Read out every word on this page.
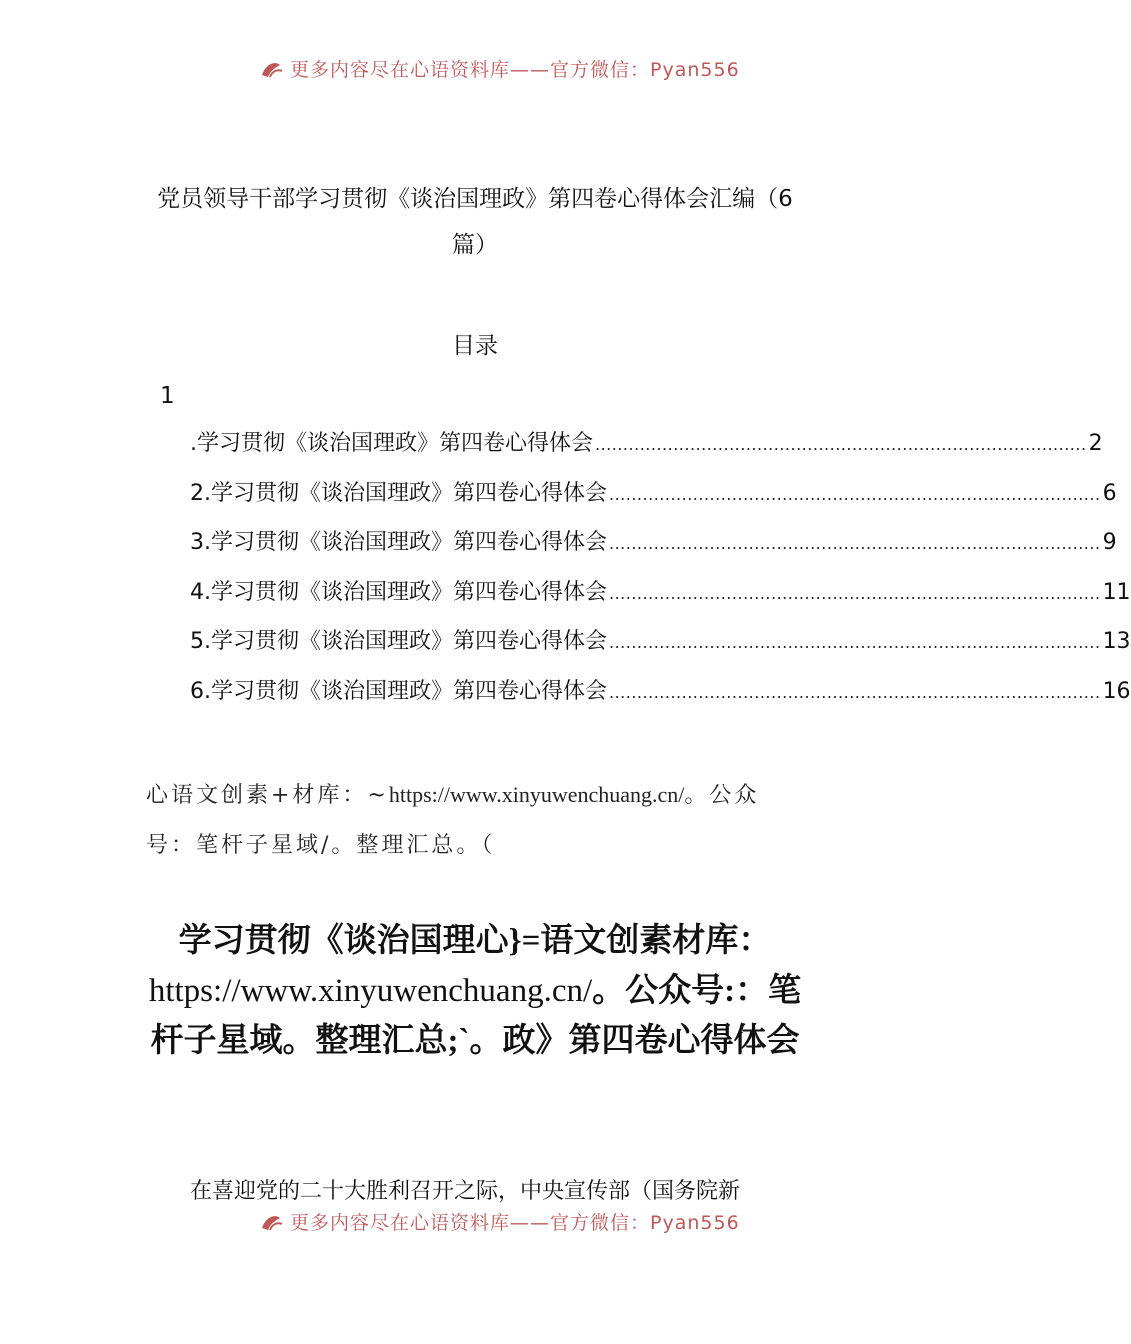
更多内容尽在心语资料库——官方微信：Pyan556
党员领导干部学习贯彻《谈治国理政》第四卷心得体会汇编（6篇）
目录
1
.学习贯彻《谈治国理政》第四卷心得体会 ........................................................................................ 2
2.学习贯彻《谈治国理政》第四卷心得体会 ........................................................................................ 6
3.学习贯彻《谈治国理政》第四卷心得体会 ........................................................................................ 9
4.学习贯彻《谈治国理政》第四卷心得体会 ........................................................................................ 11
5.学习贯彻《谈治国理政》第四卷心得体会 ........................................................................................ 13
6.学习贯彻《谈治国理政》第四卷心得体会 ........................................................................................ 16
心语文创素+材库：~https://www.xinyuwenchuang.cn/。公众号：笔杆子星域/。整理汇总。（
学习贯彻《谈治国理心}=语文创素材库：https://www.xinyuwenchuang.cn/。公众号:：笔杆子星域。整理汇总;`。政》第四卷心得体会
在喜迎党的二十大胜利召开之际，中央宣传部（国务院新
更多内容尽在心语资料库——官方微信：Pyan556
